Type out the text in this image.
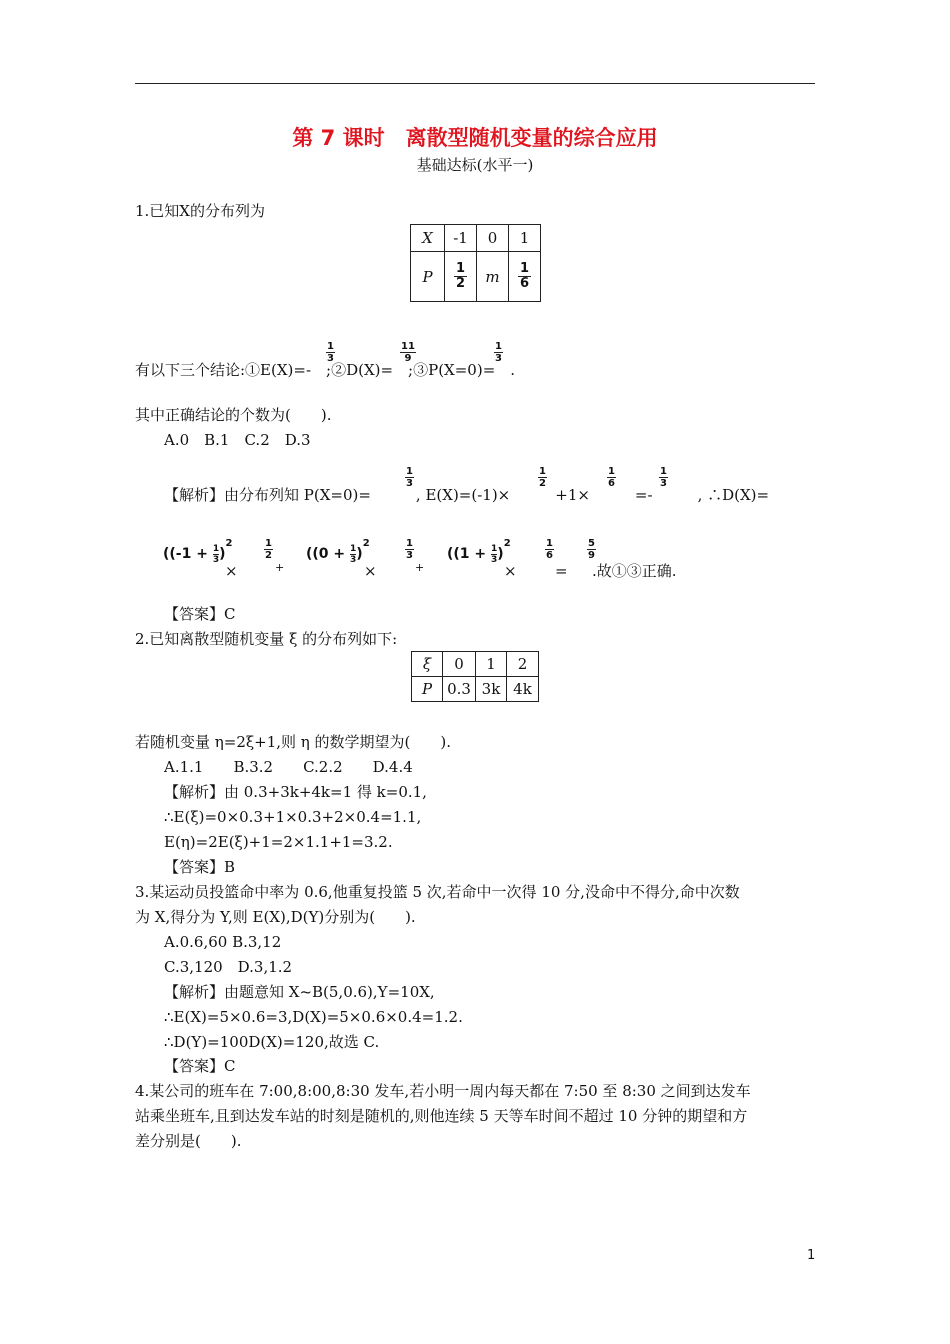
第 7 课时　离散型随机变量的综合应用
基础达标(水平一)
1.已知X的分布列为
X	-1	0	1
P	$\frac{1}{2}$	m	$\frac{1}{6}$
1
3
11
9
1
3
有以下三个结论:①E(X)=-　;②D(X)=　;③P(X=0)=　.
其中正确结论的个数为(　　).
A.0　B.1　C.2　D.3
1
3
1
2
1
6
1
3
【解析】由分布列知 P(X=0)=　　　, E(X)=(-1)×　　　+1×　　　=-　　　, ∴D(X)=
($(-1 + \frac{1}{3})^2$
×
1
2
+
($(0 + \frac{1}{3})^2$
×
1
3
+
($(1 + \frac{1}{3})^2$
×
1
6
=
5
9
.故①③正确.
【答案】C
2.已知离散型随机变量 ξ 的分布列如下:
ξ	0	1	2
P	0.3	3k	4k
若随机变量 η=2ξ+1,则 η 的数学期望为(　　).
A.1.1　　B.3.2　　C.2.2　　D.4.4
【解析】由 0.3+3k+4k=1 得 k=0.1,
∴E(ξ)=0×0.3+1×0.3+2×0.4=1.1,
E(η)=2E(ξ)+1=2×1.1+1=3.2.
【答案】B
3.某运动员投篮命中率为 0.6,他重复投篮 5 次,若命中一次得 10 分,没命中不得分,命中次数
为 X,得分为 Y,则 E(X),D(Y)分别为(　　).
A.0.6,60 B.3,12
C.3,120　D.3,1.2
【解析】由题意知 X~B(5,0.6),Y=10X,
∴E(X)=5×0.6=3,D(X)=5×0.6×0.4=1.2.
∴D(Y)=100D(X)=120,故选 C.
【答案】C
4.某公司的班车在 7:00,8:00,8:30 发车,若小明一周内每天都在 7:50 至 8:30 之间到达发车
站乘坐班车,且到达发车站的时刻是随机的,则他连续 5 天等车时间不超过 10 分钟的期望和方
差分别是(　　).
1
